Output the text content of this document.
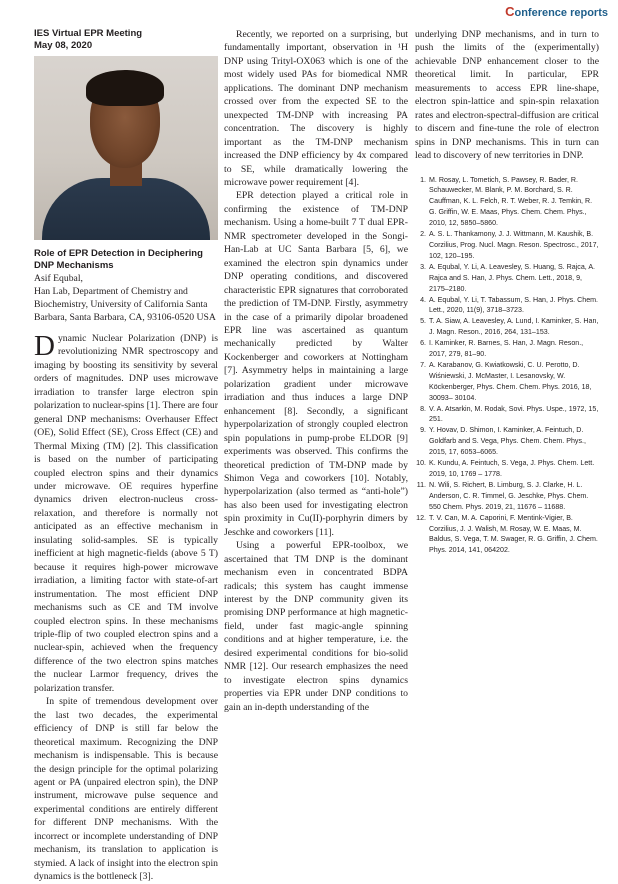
Conference reports
IES Virtual EPR Meeting
May 08, 2020
Role of EPR Detection in Deciphering DNP Mechanisms
Asif Equbal,
Han Lab, Department of Chemistry and Biochemistry, University of California Santa Barbara, Santa Barbara, CA, 93106-0520 USA

Dynamic Nuclear Polarization (DNP) is revolutionizing NMR spectroscopy and imaging by boosting its sensitivity by several orders of magnitudes. DNP uses microwave irradiation to transfer large electron spin polarization to nuclear-spins [1]. There are four general DNP mechanisms: Overhauser Effect (OE), Solid Effect (SE), Cross Effect (CE) and Thermal Mixing (TM) [2]. This classification is based on the number of participating coupled electron spins and their dynamics under microwave. OE requires hyperfine dynamics driven electron-nucleus cross-relaxation, and therefore is normally not anticipated as an effective mechanism in insulating solid-samples. SE is typically inefficient at high magnetic-fields (above 5 T) because it requires high-power microwave irradiation, a limiting factor with state-of-art instrumentation. The most efficient DNP mechanisms such as CE and TM involve coupled electron spins. In these mechanisms triple-flip of two coupled electron spins and a nuclear-spin, achieved when the frequency difference of the two electron spins matches the nuclear Larmor frequency, drives the polarization transfer.

In spite of tremendous development over the last two decades, the experimental efficiency of DNP is still far below the theoretical maximum. Recognizing the DNP mechanism is indispensable. This is because the design principle for the optimal polarizing agent or PA (unpaired electron spin), the DNP instrument, microwave pulse sequence and experimental conditions are entirely different for different DNP mechanisms. With the incorrect or incomplete understanding of DNP mechanism, its translation to application is stymied. A lack of insight into the electron spin dynamics is the bottleneck [3].

Recently, we reported on a surprising, but fundamentally important, observation in ¹H DNP using Trityl-OX063 which is one of the most widely used PAs for biomedical NMR applications. The dominant DNP mechanism crossed over from the expected SE to the unexpected TM-DNP with increasing PA concentration. The discovery is highly important as the TM-DNP mechanism increased the DNP efficiency by 4x compared to SE, while dramatically lowering the microwave power requirement [4].

EPR detection played a critical role in confirming the existence of TM-DNP mechanism. Using a home-built 7 T dual EPR-NMR spectrometer developed in the Songi-Han-Lab at UC Santa Barbara [5, 6], we examined the electron spin dynamics under DNP operating conditions, and discovered characteristic EPR signatures that corroborated the prediction of TM-DNP. Firstly, asymmetry in the case of a primarily dipolar broadened EPR line was ascertained as quantum mechanically predicted by Walter Kockenberger and coworkers at Nottingham [7]. Asymmetry helps in maintaining a large polarization gradient under microwave irradiation and thus induces a large DNP enhancement [8]. Secondly, a significant hyperpolarization of strongly coupled electron spin populations in pump-probe ELDOR [9] experiments was observed. This confirms the theoretical prediction of TM-DNP made by Shimon Vega and coworkers [10]. Notably, hyperpolarization (also termed as “anti-hole”) has also been used for investigating electron spin proximity in Cu(II)-porphyrin dimers by Jeschke and coworkers [11].

Using a powerful EPR-toolbox, we ascertained that TM DNP is the dominant mechanism even in concentrated BDPA radicals; this system has caught immense interest by the DNP community given its promising DNP performance at high magnetic-field, under fast magic-angle spinning conditions and at higher temperature, i.e. the desired experimental conditions for bio-solid NMR [12]. Our research emphasizes the need to investigate electron spins dynamics properties via EPR under DNP conditions to gain an in-depth understanding of the

underlying DNP mechanisms, and in turn to push the limits of the (experimentally) achievable DNP enhancement closer to the theoretical limit. In particular, EPR measurements to access EPR line-shape, electron spin-lattice and spin-spin relaxation rates and electron-spectral-diffusion are critical to discern and fine-tune the role of electron spins in DNP mechanisms. This in turn can lead to discovery of new territories in DNP.

1. M. Rosay, L. Tometich, S. Pawsey, R. Bader, R. Schauwecker, M. Blank, P. M. Borchard, S. R. Cauffman, K. L. Felch, R. T. Weber, R. J. Temkin, R. G. Griffin, W. E. Maas, Phys. Chem. Chem. Phys., 2010, 12, 5850–5860.
2. A. S. L. Thankamony, J. J. Wittmann, M. Kaushik, B. Corzilius, Prog. Nucl. Magn. Reson. Spectrosc., 2017, 102, 120–195.
3. A. Equbal, Y. Li, A. Leavesley, S. Huang, S. Rajca, A. Rajca and S. Han, J. Phys. Chem. Lett., 2018, 9, 2175–2180.
4. A. Equbal, Y. Li, T. Tabassum, S. Han, J. Phys. Chem. Lett., 2020, 11(9), 3718–3723.
5. T. A. Siaw, A. Leavesley, A. Lund, I. Kaminker, S. Han, J. Magn. Reson., 2016, 264, 131–153.
6. I. Kaminker, R. Barnes, S. Han, J. Magn. Reson., 2017, 279, 81–90.
7. A. Karabanov, G. Kwiatkowski, C. U. Perotto, D. Wiśniewski, J. McMaster, I. Lesanovsky, W. Köckenberger, Phys. Chem. Chem. Phys. 2016, 18, 30093– 30104.
8. V. A. Atsarkin, M. Rodak, Sovi. Phys. Uspe., 1972, 15, 251.
9. Y. Hovav, D. Shimon, I. Kaminker, A. Feintuch, D. Goldfarb and S. Vega, Phys. Chem. Chem. Phys., 2015, 17, 6053–6065.
10. K. Kundu, A. Feintuch, S. Vega, J. Phys. Chem. Lett. 2019, 10, 1769 – 1778.
11. N. Wili, S. Richert, B. Limburg, S. J. Clarke, H. L. Anderson, C. R. Timmel, G. Jeschke, Phys. Chem. 550 Chem. Phys. 2019, 21, 11676 – 11688.
12. T. V. Can, M. A. Caporini, F. Mentink-Vigier, B. Corzilius, J. J. Walish, M. Rosay, W. E. Maas, M. Baldus, S. Vega, T. M. Swager, R. G. Griffin, J. Chem. Phys. 2014, 141, 064202.
